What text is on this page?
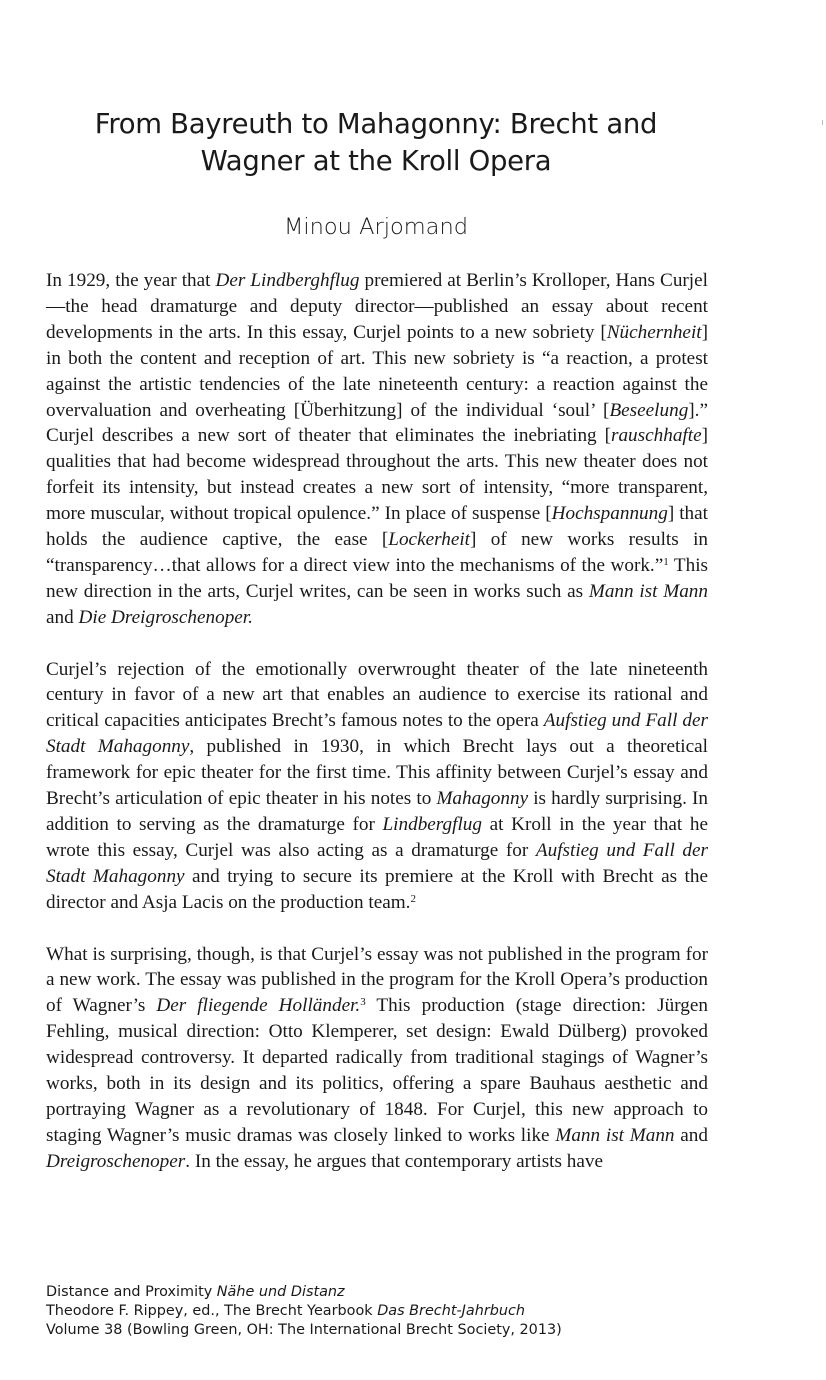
From Bayreuth to Mahagonny: Brecht and
Wagner at the Kroll Opera
Minou Arjomand

In 1929, the year that Der Lindberghflug premiered at Berlin’s Krolloper, Hans Curjel—the head dramaturge and deputy director—published an essay about recent developments in the arts. In this essay, Curjel points to a new sobriety [Nüchernheit] in both the content and reception of art. This new sobriety is “a reaction, a protest against the artistic tendencies of the late nineteenth century: a reaction against the overvaluation and overheating [Überhitzung] of the individual ‘soul’ [Beseelung].” Curjel describes a new sort of theater that eliminates the inebriating [rauschhafte] qualities that had become widespread throughout the arts. This new theater does not forfeit its intensity, but instead creates a new sort of intensity, “more transparent, more muscular, without tropical opulence.” In place of suspense [Hochspannung] that holds the audience captive, the ease [Lockerheit] of new works results in “transparency…that allows for a direct view into the mechanisms of the work.”$^1$ This new direction in the arts, Curjel writes, can be seen in works such as Mann ist Mann and Die Dreigroschenoper.

Curjel’s rejection of the emotionally overwrought theater of the late nineteenth century in favor of a new art that enables an audience to exercise its rational and critical capacities anticipates Brecht’s famous notes to the opera Aufstieg und Fall der Stadt Mahagonny, published in 1930, in which Brecht lays out a theoretical framework for epic theater for the first time. This affinity between Curjel’s essay and Brecht’s articulation of epic theater in his notes to Mahagonny is hardly surprising. In addition to serving as the dramaturge for Lindbergflug at Kroll in the year that he wrote this essay, Curjel was also acting as a dramaturge for Aufstieg und Fall der Stadt Mahagonny and trying to secure its premiere at the Kroll with Brecht as the director and Asja Lacis on the production team.$^2$

What is surprising, though, is that Curjel’s essay was not published in the program for a new work. The essay was published in the program for the Kroll Opera’s production of Wagner’s Der fliegende Holländer.$^3$ This production (stage direction: Jürgen Fehling, musical direction: Otto Klemperer, set design: Ewald Dülberg) provoked widespread controversy. It departed radically from traditional stagings of Wagner’s works, both in its design and its politics, offering a spare Bauhaus aesthetic and portraying Wagner as a revolutionary of 1848. For Curjel, this new approach to staging Wagner’s music dramas was closely linked to works like Mann ist Mann and Dreigroschenoper. In the essay, he argues that contemporary artists have

Distance and Proximity Nähe und Distanz
Theodore F. Rippey, ed., The Brecht Yearbook Das Brecht-Jahrbuch
Volume 38 (Bowling Green, OH: The International Brecht Society, 2013)
